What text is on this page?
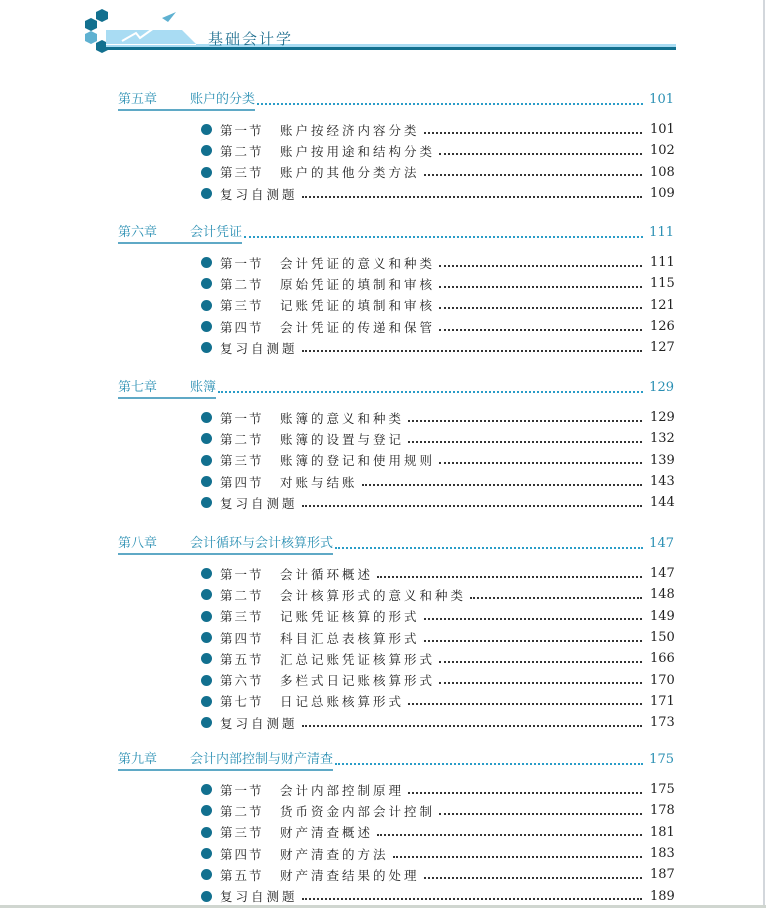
基础会计学
第五章	账户的分类	101
第一节	账户按经济内容分类	101
第二节	账户按用途和结构分类	102
第三节	账户的其他分类方法	108
复习自测题	109
第六章	会计凭证	111
第一节	会计凭证的意义和种类	111
第二节	原始凭证的填制和审核	115
第三节	记账凭证的填制和审核	121
第四节	会计凭证的传递和保管	126
复习自测题	127
第七章	账簿	129
第一节	账簿的意义和种类	129
第二节	账簿的设置与登记	132
第三节	账簿的登记和使用规则	139
第四节	对账与结账	143
复习自测题	144
第八章	会计循环与会计核算形式	147
第一节	会计循环概述	147
第二节	会计核算形式的意义和种类	148
第三节	记账凭证核算的形式	149
第四节	科目汇总表核算形式	150
第五节	汇总记账凭证核算形式	166
第六节	多栏式日记账核算形式	170
第七节	日记总账核算形式	171
复习自测题	173
第九章	会计内部控制与财产清查	175
第一节	会计内部控制原理	175
第二节	货币资金内部会计控制	178
第三节	财产清查概述	181
第四节	财产清查的方法	183
第五节	财产清查结果的处理	187
复习自测题	189
